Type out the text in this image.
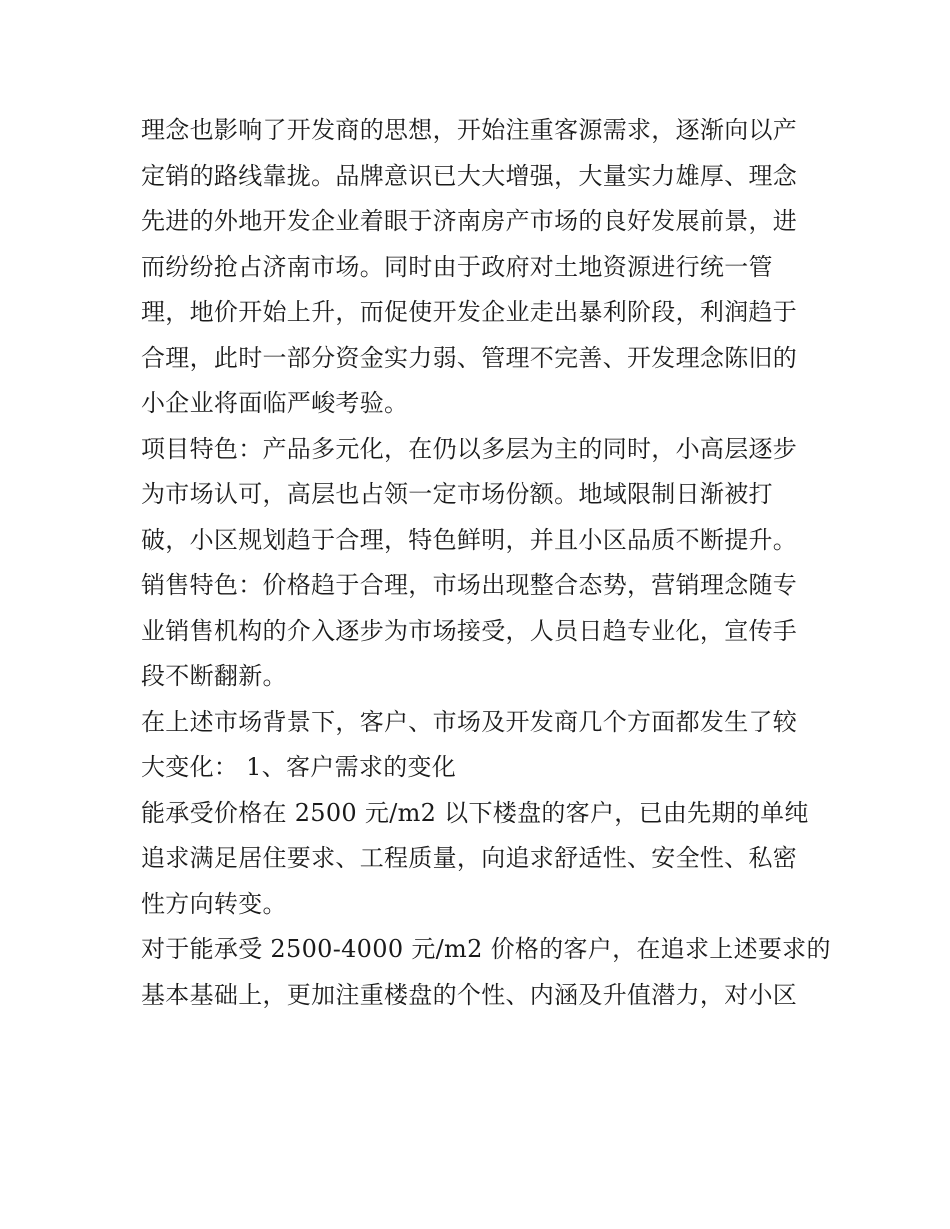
理念也影响了开发商的思想，开始注重客源需求，逐渐向以产
定销的路线靠拢。品牌意识已大大增强，大量实力雄厚、理念
先进的外地开发企业着眼于济南房产市场的良好发展前景，进
而纷纷抢占济南市场。同时由于政府对土地资源进行统一管
理，地价开始上升，而促使开发企业走出暴利阶段，利润趋于
合理，此时一部分资金实力弱、管理不完善、开发理念陈旧的
小企业将面临严峻考验。
项目特色：产品多元化，在仍以多层为主的同时，小高层逐步
为市场认可，高层也占领一定市场份额。地域限制日渐被打
破，小区规划趋于合理，特色鲜明，并且小区品质不断提升。
销售特色：价格趋于合理，市场出现整合态势，营销理念随专
业销售机构的介入逐步为市场接受，人员日趋专业化，宣传手
段不断翻新。
在上述市场背景下，客户、市场及开发商几个方面都发生了较
大变化： 1、客户需求的变化
能承受价格在 2500 元/m2 以下楼盘的客户，已由先期的单纯
追求满足居住要求、工程质量，向追求舒适性、安全性、私密
性方向转变。
对于能承受 2500-4000 元/m2 价格的客户，在追求上述要求的
基本基础上，更加注重楼盘的个性、内涵及升值潜力，对小区
